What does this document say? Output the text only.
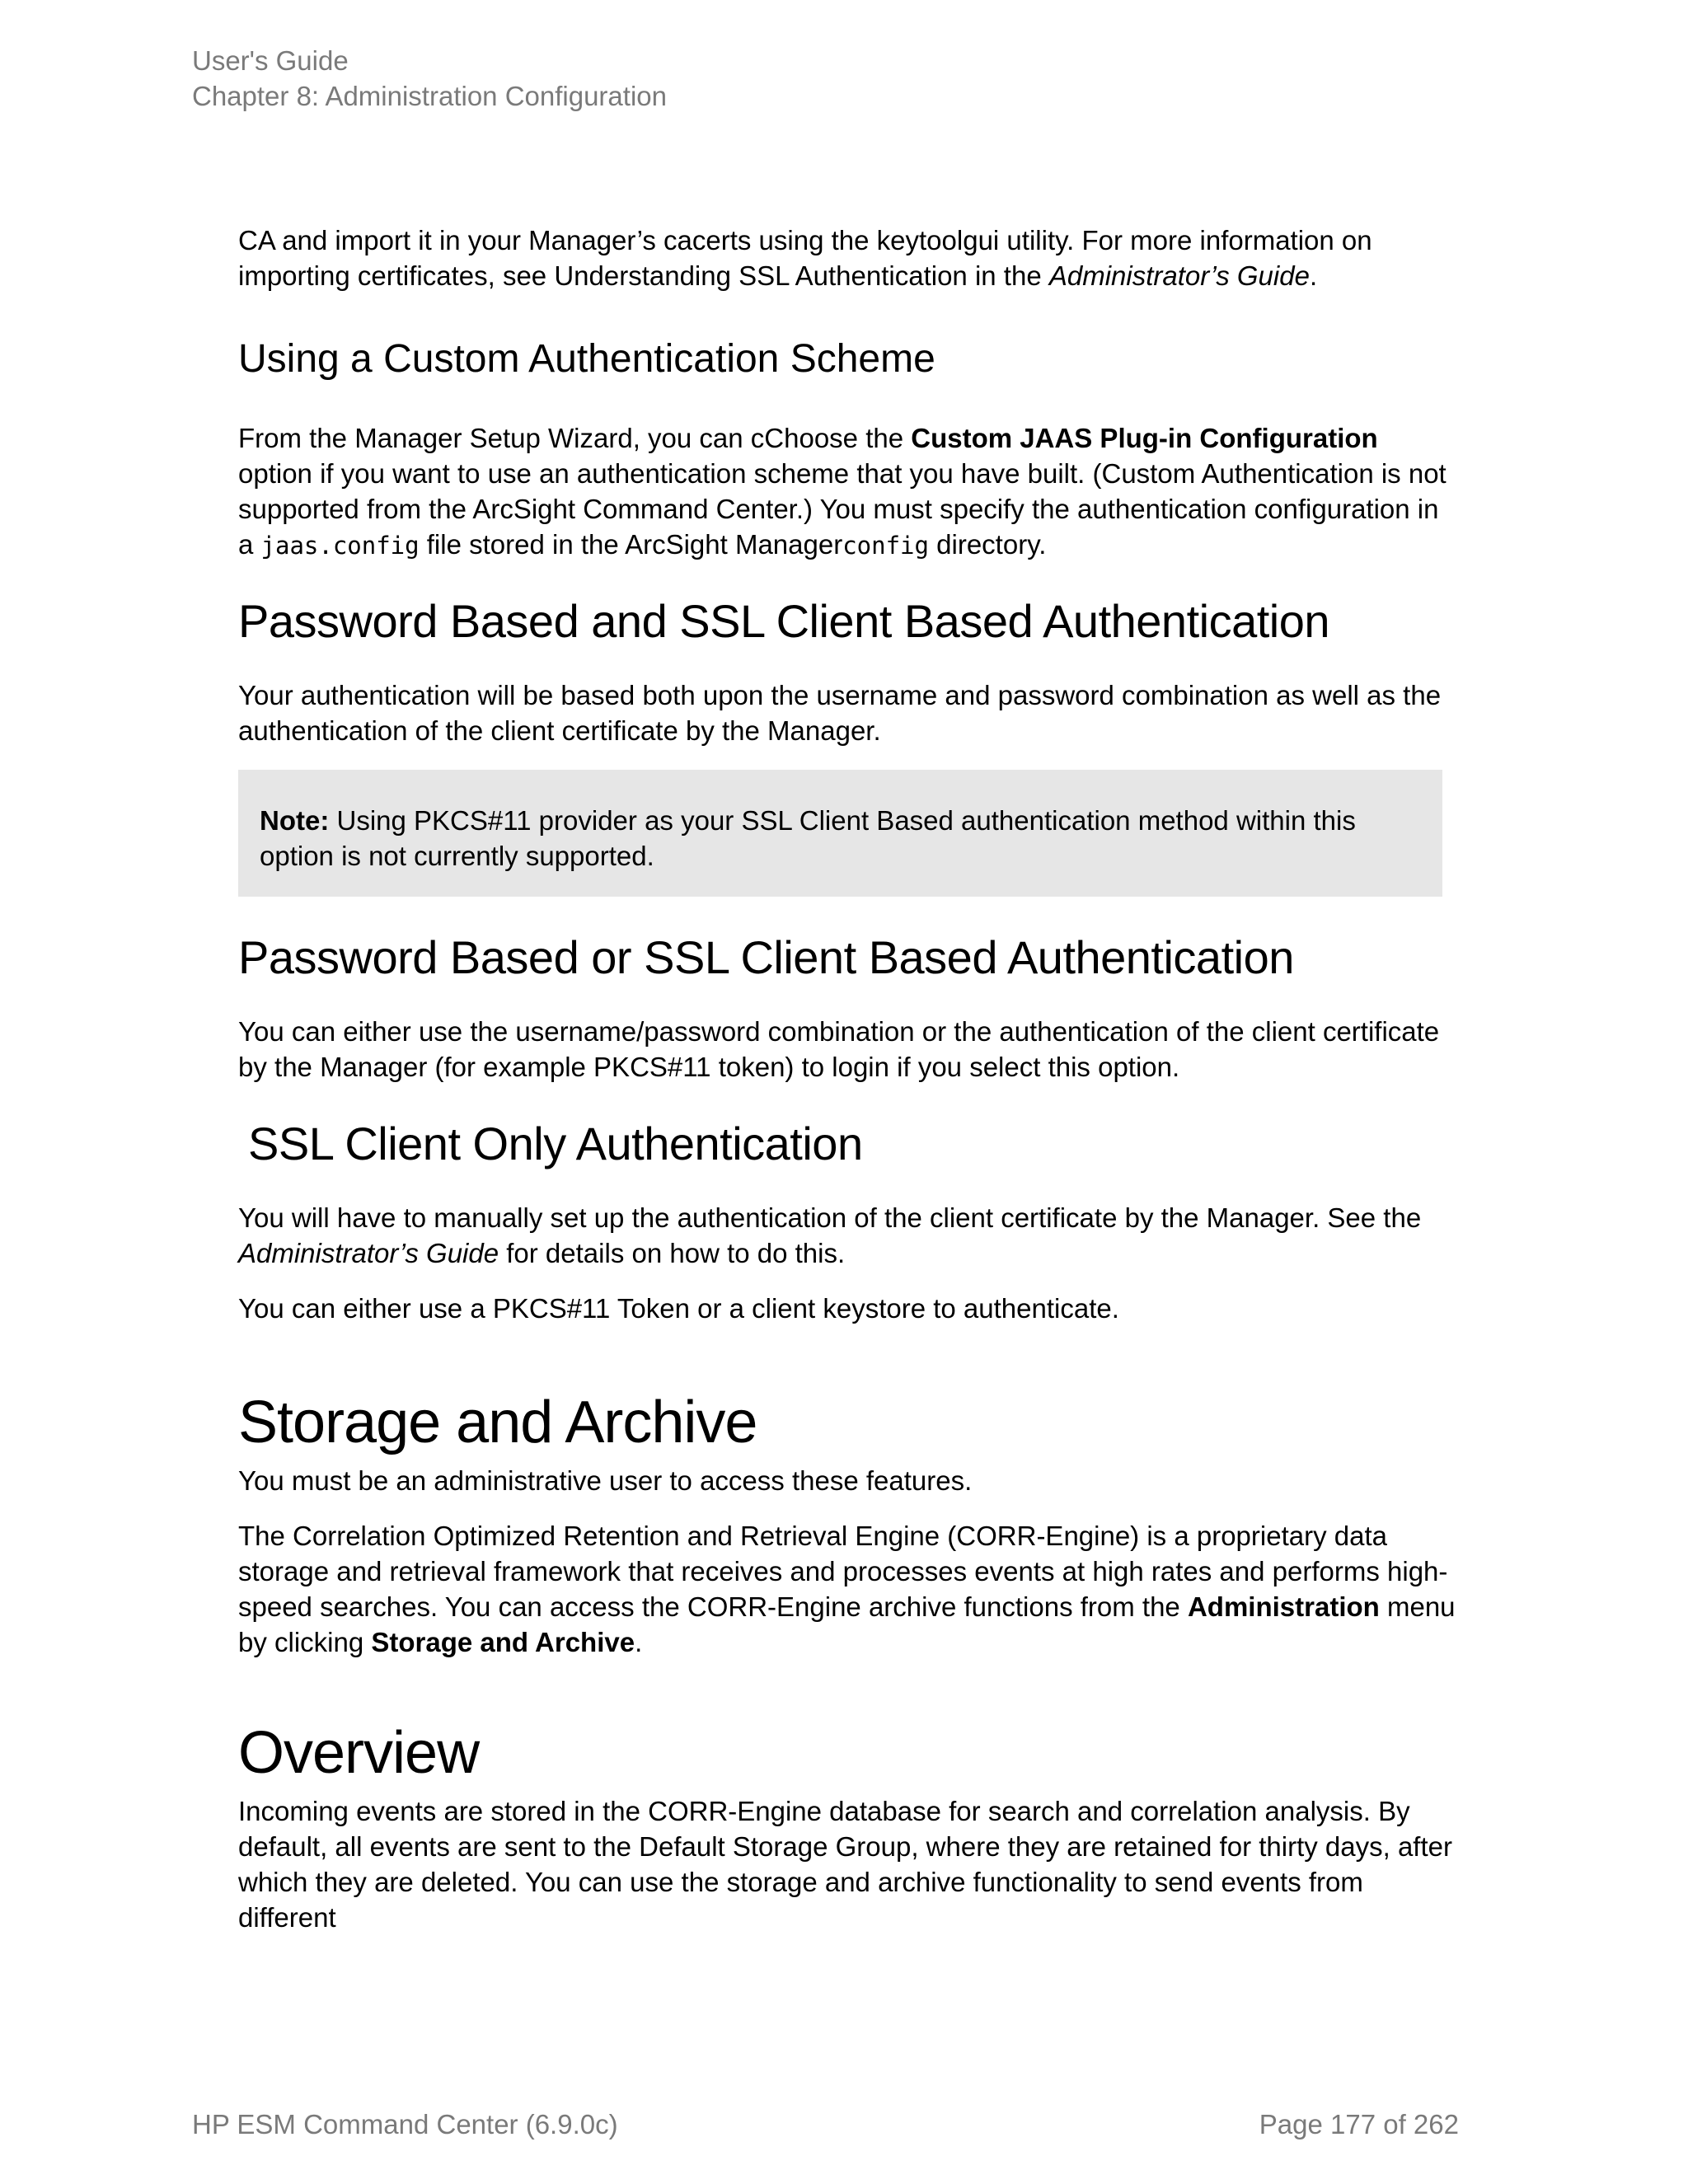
User's Guide
Chapter 8: Administration Configuration

CA and import it in your Manager’s cacerts using the keytoolgui utility. For more information on importing certificates, see Understanding SSL Authentication in the Administrator’s Guide.

Using a Custom Authentication Scheme

From the Manager Setup Wizard, you can cChoose the Custom JAAS Plug-in Configuration option if you want to use an authentication scheme that you have built. (Custom Authentication is not supported from the ArcSight Command Center.) You must specify the authentication configuration in a jaas.config file stored in the ArcSight Managerconfig directory.

Password Based and SSL Client Based Authentication

Your authentication will be based both upon the username and password combination as well as the authentication of the client certificate by the Manager.

Note: Using PKCS#11 provider as your SSL Client Based authentication method within this option is not currently supported.

Password Based or SSL Client Based Authentication

You can either use the username/password combination or the authentication of the client certificate by the Manager (for example PKCS#11 token) to login if you select this option.

SSL Client Only Authentication

You will have to manually set up the authentication of the client certificate by the Manager. See the Administrator’s Guide for details on how to do this.

You can either use a PKCS#11 Token or a client keystore to authenticate.

Storage and Archive

You must be an administrative user to access these features.

The Correlation Optimized Retention and Retrieval Engine (CORR-Engine) is a proprietary data storage and retrieval framework that receives and processes events at high rates and performs high-speed searches. You can access the CORR-Engine archive functions from the Administration menu by clicking Storage and Archive.

Overview

Incoming events are stored in the CORR-Engine database for search and correlation analysis. By default, all events are sent to the Default Storage Group, where they are retained for thirty days, after which they are deleted. You can use the storage and archive functionality to send events from different

HP ESM Command Center (6.9.0c)	Page 177 of 262
